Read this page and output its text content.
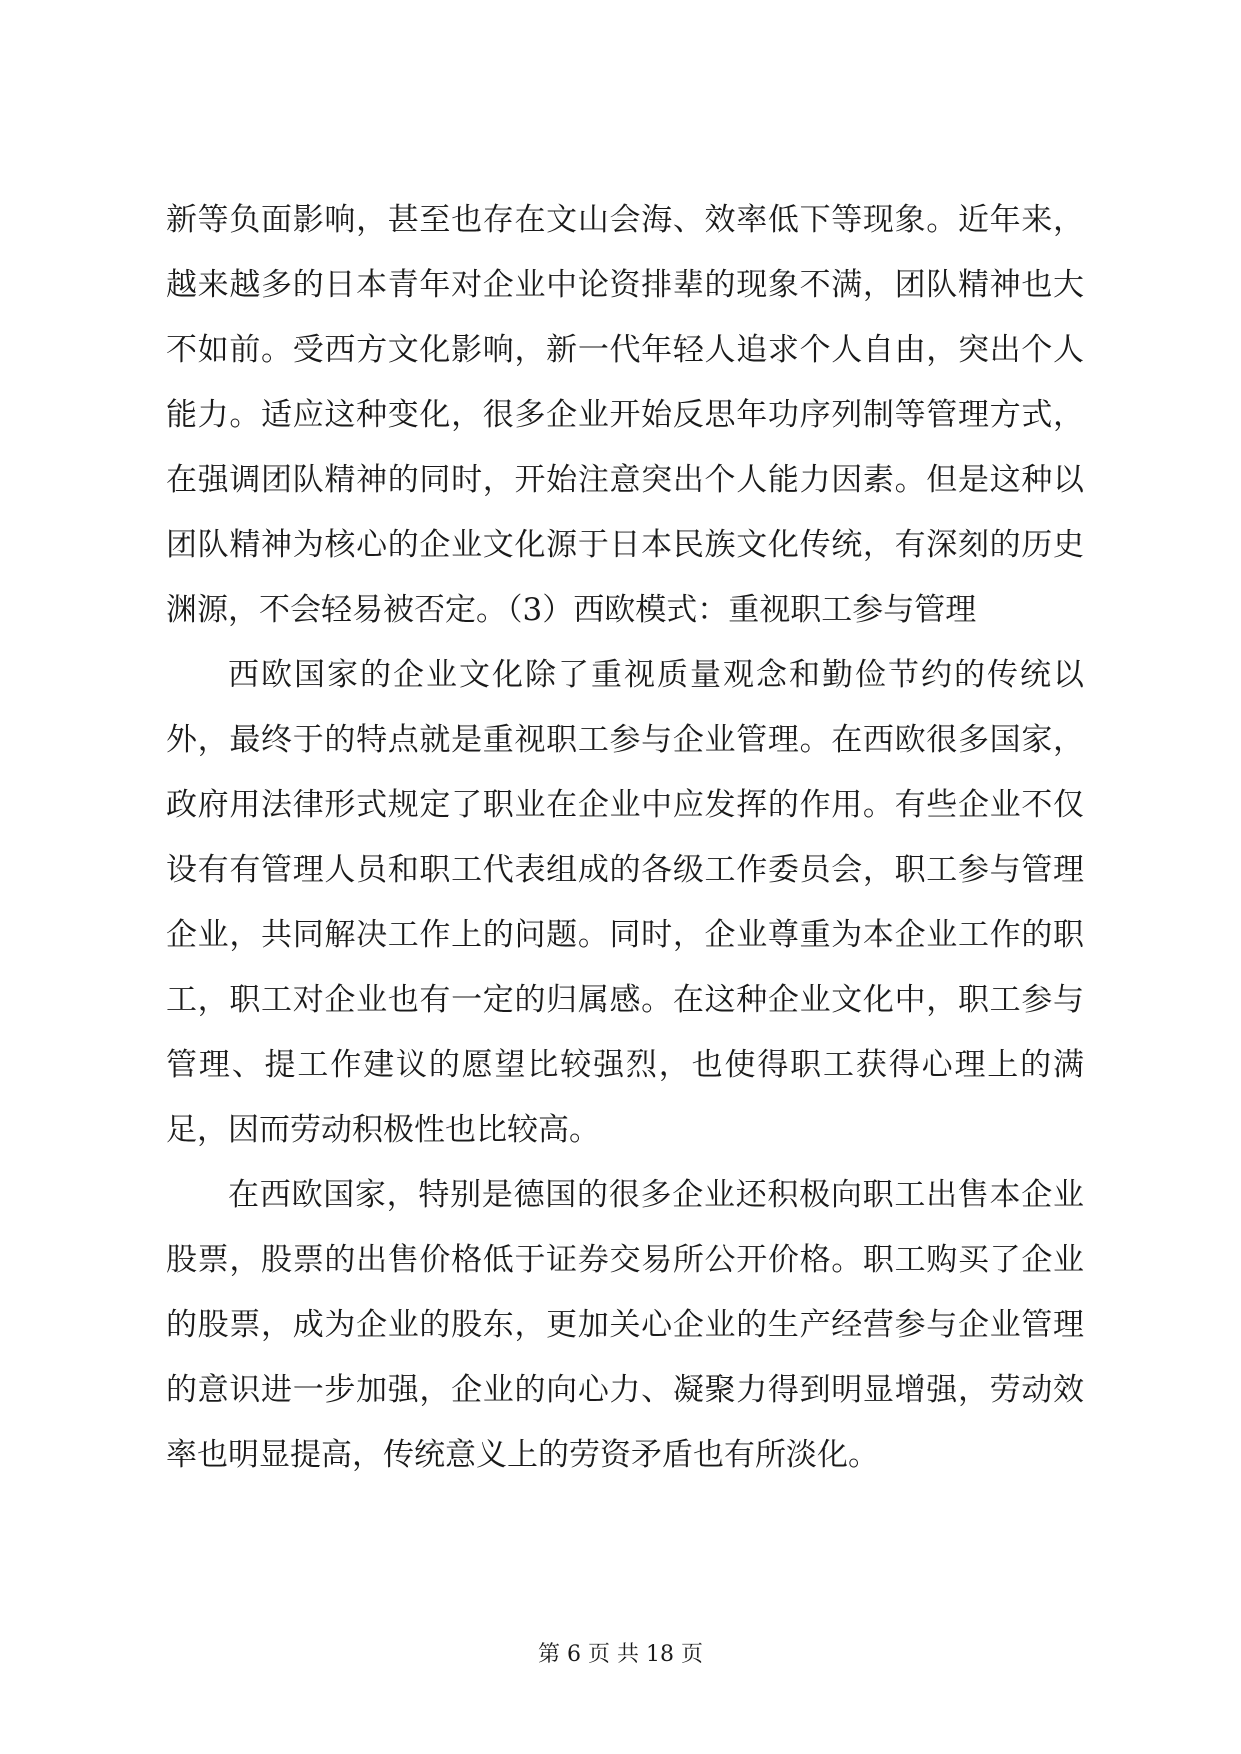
新等负面影响，甚至也存在文山会海、效率低下等现象。近年来，越来越多的日本青年对企业中论资排辈的现象不满，团队精神也大不如前。受西方文化影响，新一代年轻人追求个人自由，突出个人能力。适应这种变化，很多企业开始反思年功序列制等管理方式，在强调团队精神的同时，开始注意突出个人能力因素。但是这种以团队精神为核心的企业文化源于日本民族文化传统，有深刻的历史渊源，不会轻易被否定。（3）西欧模式：重视职工参与管理

西欧国家的企业文化除了重视质量观念和勤俭节约的传统以外，最终于的特点就是重视职工参与企业管理。在西欧很多国家，政府用法律形式规定了职业在企业中应发挥的作用。有些企业不仅设有有管理人员和职工代表组成的各级工作委员会，职工参与管理企业，共同解决工作上的问题。同时，企业尊重为本企业工作的职工，职工对企业也有一定的归属感。在这种企业文化中，职工参与管理、提工作建议的愿望比较强烈，也使得职工获得心理上的满足，因而劳动积极性也比较高。

在西欧国家，特别是德国的很多企业还积极向职工出售本企业股票，股票的出售价格低于证券交易所公开价格。职工购买了企业的股票，成为企业的股东，更加关心企业的生产经营参与企业管理的意识进一步加强，企业的向心力、凝聚力得到明显增强，劳动效率也明显提高，传统意义上的劳资矛盾也有所淡化。

第 6 页 共 18 页
